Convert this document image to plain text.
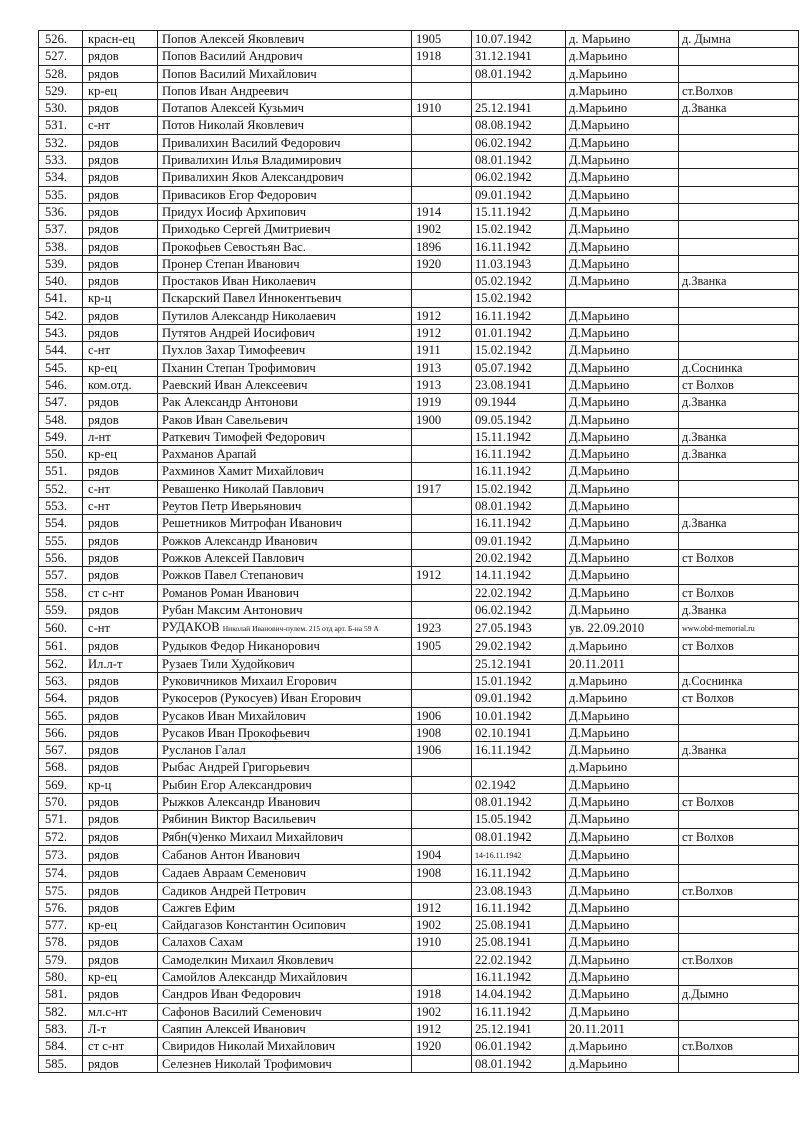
526.	красн-ец	Попов Алексей Яковлевич	1905	10.07.1942	д. Марьино	д. Дымна
527.	рядов	Попов Василий Андрович	1918	31.12.1941	д.Марьино	
528.	рядов	Попов Василий Михайлович		08.01.1942	д.Марьино	
529.	кр-ец	Попов Иван Андреевич			д.Марьино	ст.Волхов
530.	рядов	Потапов Алексей Кузьмич	1910	25.12.1941	д.Марьино	д.Званка
531.	с-нт	Потов Николай Яковлевич		08.08.1942	Д.Марьино	
532.	рядов	Привалихин Василий Федорович		06.02.1942	Д.Марьино	
533.	рядов	Привалихин Илья Владимирович		08.01.1942	Д.Марьино	
534.	рядов	Привалихин Яков Александрович		06.02.1942	Д.Марьино	
535.	рядов	Привасиков Егор Федорович		09.01.1942	Д.Марьино	
536.	рядов	Придух Иосиф Архипович	1914	15.11.1942	Д.Марьино	
537.	рядов	Приходько Сергей Дмитриевич	1902	15.02.1942	Д.Марьино	
538.	рядов	Прокофьев Севостьян Вас.	1896	16.11.1942	Д.Марьино	
539.	рядов	Пронер Степан Иванович	1920	11.03.1943	Д.Марьино	
540.	рядов	Простаков Иван Николаевич		05.02.1942	Д.Марьино	д.Званка
541.	кр-ц	Пскарский Павел Иннокентьевич		15.02.1942		
542.	рядов	Путилов Александр Николаевич	1912	16.11.1942	Д.Марьино	
543.	рядов	Путятов Андрей Иосифович	1912	01.01.1942	Д.Марьино	
544.	с-нт	Пухлов Захар Тимофеевич	1911	15.02.1942	Д.Марьино	
545.	кр-ец	Пханин Степан Трофимович	1913	05.07.1942	Д.Марьино	д.Соснинка
546.	ком.отд.	Раевский Иван Алексеевич	1913	23.08.1941	Д.Марьино	ст Волхов
547.	рядов	Рак Александр Антонови	1919	09.1944	Д.Марьино	д.Званка
548.	рядов	Раков Иван Савельевич	1900	09.05.1942	Д.Марьино	
549.	л-нт	Раткевич Тимофей Федорович		15.11.1942	Д.Марьино	д.Званка
550.	кр-ец	Рахманов Арапай		16.11.1942	Д.Марьино	д.Званка
551.	рядов	Рахминов Хамит Михайлович		16.11.1942	Д.Марьино	
552.	с-нт	Ревашенко Николай Павлович	1917	15.02.1942	Д.Марьино	
553.	с-нт	Реутов Петр Иверьянович		08.01.1942	Д.Марьино	
554.	рядов	Решетников Митрофан Иванович		16.11.1942	Д.Марьино	д.Званка
555.	рядов	Рожков Александр Иванович		09.01.1942	Д.Марьино	
556.	рядов	Рожков Алексей Павлович		20.02.1942	Д.Марьино	ст Волхов
557.	рядов	Рожков Павел Степанович	1912	14.11.1942	Д.Марьино	
558.	ст с-нт	Романов Роман Иванович		22.02.1942	Д.Марьино	ст Волхов
559.	рядов	Рубан Максим Антонович		06.02.1942	Д.Марьино	д.Званка
560.	с-нт	РУДАКОВ Николай Иванович-пулем. 215 отд арт. Б-на 59 А	1923	27.05.1943	ув. 22.09.2010	www.obd-memorial.ru
561.	рядов	Рудыков Федор Никанорович	1905	29.02.1942	д.Марьино	ст Волхов
562.	Ил.л-т	Рузаев Тили Худойкович		25.12.1941	20.11.2011	
563.	рядов	Руковичников Михаил Егорович		15.01.1942	д.Марьино	д.Соснинка
564.	рядов	Рукосеров (Рукосуев) Иван Егорович		09.01.1942	д.Марьино	ст Волхов
565.	рядов	Русаков Иван Михайлович	1906	10.01.1942	Д.Марьино	
566.	рядов	Русаков Иван Прокофьевич	1908	02.10.1941	Д.Марьино	
567.	рядов	Русланов Галал	1906	16.11.1942	Д.Марьино	д.Званка
568.	рядов	Рыбас Андрей Григорьевич			д.Марьино	
569.	кр-ц	Рыбин Егор Александрович		02.1942	Д.Марьино	
570.	рядов	Рыжков Александр Иванович		08.01.1942	Д.Марьино	ст Волхов
571.	рядов	Рябинин Виктор Васильевич		15.05.1942	Д.Марьино	
572.	рядов	Рябн(ч)енко Михаил Михайлович		08.01.1942	Д.Марьино	ст Волхов
573.	рядов	Сабанов Антон Иванович	1904	14-16.11.1942	Д.Марьино	
574.	рядов	Садаев Авраам Семенович	1908	16.11.1942	Д.Марьино	
575.	рядов	Садиков Андрей Петрович		23.08.1943	Д.Марьино	ст.Волхов
576.	рядов	Сажгев Ефим	1912	16.11.1942	Д.Марьино	
577.	кр-ец	Сайдагазов Константин Осипович	1902	25.08.1941	Д.Марьино	
578.	рядов	Салахов Сахам	1910	25.08.1941	Д.Марьино	
579.	рядов	Самоделкин Михаил Яковлевич		22.02.1942	Д.Марьино	ст.Волхов
580.	кр-ец	Самойлов Александр Михайлович		16.11.1942	Д.Марьино	
581.	рядов	Сандров Иван Федорович	1918	14.04.1942	Д.Марьино	д.Дымно
582.	мл.с-нт	Сафонов Василий Семенович	1902	16.11.1942	Д.Марьино	
583.	Л-т	Саяпин Алексей Иванович	1912	25.12.1941	20.11.2011	
584.	ст с-нт	Свиридов Николай Михайлович	1920	06.01.1942	д.Марьино	ст.Волхов
585.	рядов	Селезнев Николай Трофимович		08.01.1942	д.Марьино	
